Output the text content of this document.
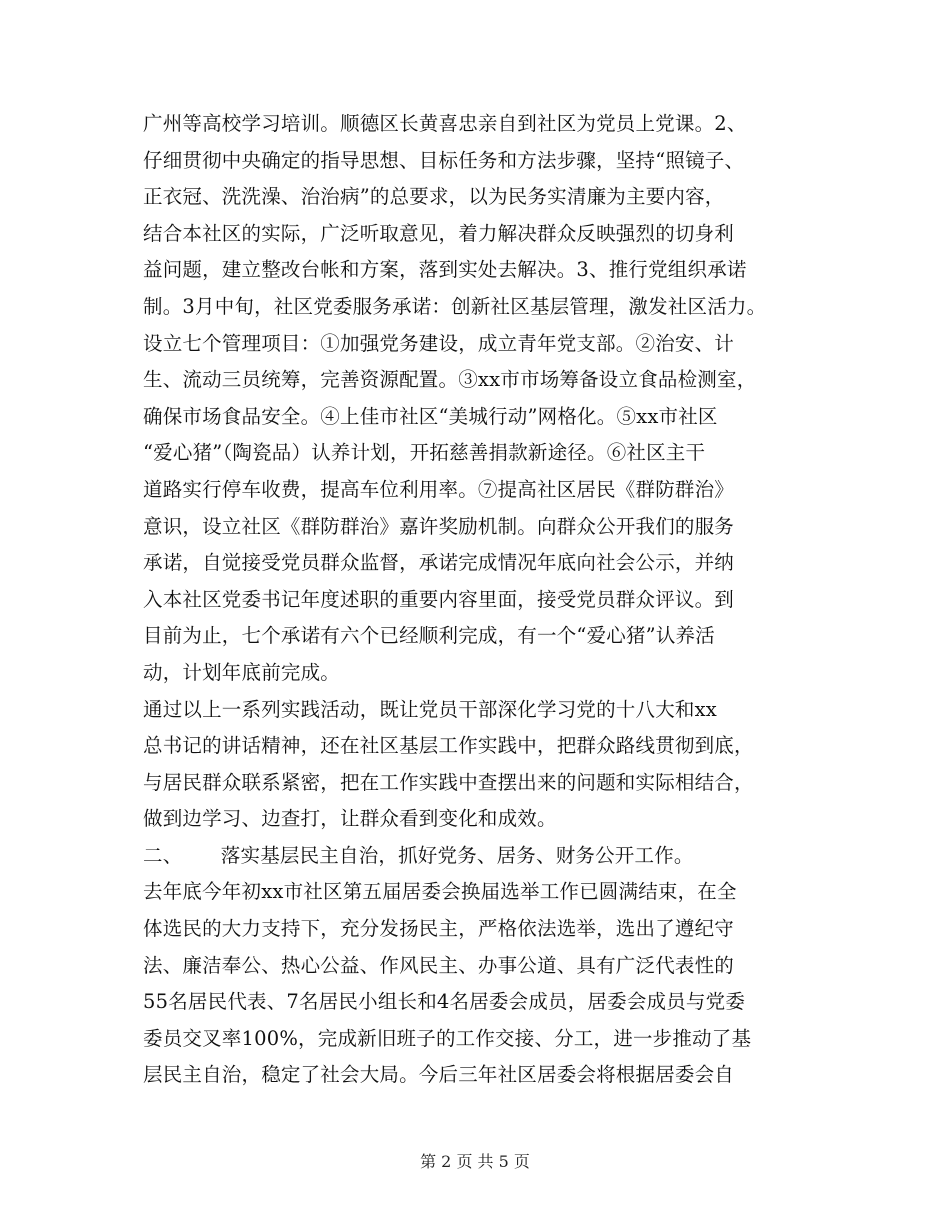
广州等高校学习培训。顺德区长黄喜忠亲自到社区为党员上党课。2、
仔细贯彻中央确定的指导思想、目标任务和方法步骤，坚持“照镜子、
正衣冠、洗洗澡、治治病”的总要求，以为民务实清廉为主要内容，
结合本社区的实际，广泛听取意见，着力解决群众反映强烈的切身利
益问题，建立整改台帐和方案，落到实处去解决。3、推行党组织承诺
制。3月中旬，社区党委服务承诺：创新社区基层管理，激发社区活力。
设立七个管理项目：①加强党务建设，成立青年党支部。②治安、计
生、流动三员统筹，完善资源配置。③xx市市场筹备设立食品检测室，
确保市场食品安全。④上佳市社区“美城行动”网格化。⑤xx市社区
“爱心猪”（陶瓷品）认养计划，开拓慈善捐款新途径。⑥社区主干
道路实行停车收费，提高车位利用率。⑦提高社区居民《群防群治》
意识，设立社区《群防群治》嘉许奖励机制。向群众公开我们的服务
承诺，自觉接受党员群众监督，承诺完成情况年底向社会公示，并纳
入本社区党委书记年度述职的重要内容里面，接受党员群众评议。到
目前为止，七个承诺有六个已经顺利完成，有一个“爱心猪”认养活
动，计划年底前完成。
通过以上一系列实践活动，既让党员干部深化学习党的十八大和xx
总书记的讲话精神，还在社区基层工作实践中，把群众路线贯彻到底，
与居民群众联系紧密，把在工作实践中查摆出来的问题和实际相结合，
做到边学习、边查打，让群众看到变化和成效。
二、      落实基层民主自治，抓好党务、居务、财务公开工作。
去年底今年初xx市社区第五届居委会换届选举工作已圆满结束，在全
体选民的大力支持下，充分发扬民主，严格依法选举，选出了遵纪守
法、廉洁奉公、热心公益、作风民主、办事公道、具有广泛代表性的
55名居民代表、7名居民小组长和4名居委会成员，居委会成员与党委
委员交叉率100%，完成新旧班子的工作交接、分工，进一步推动了基
层民主自治，稳定了社会大局。今后三年社区居委会将根据居委会自
第 2 页 共 5 页
